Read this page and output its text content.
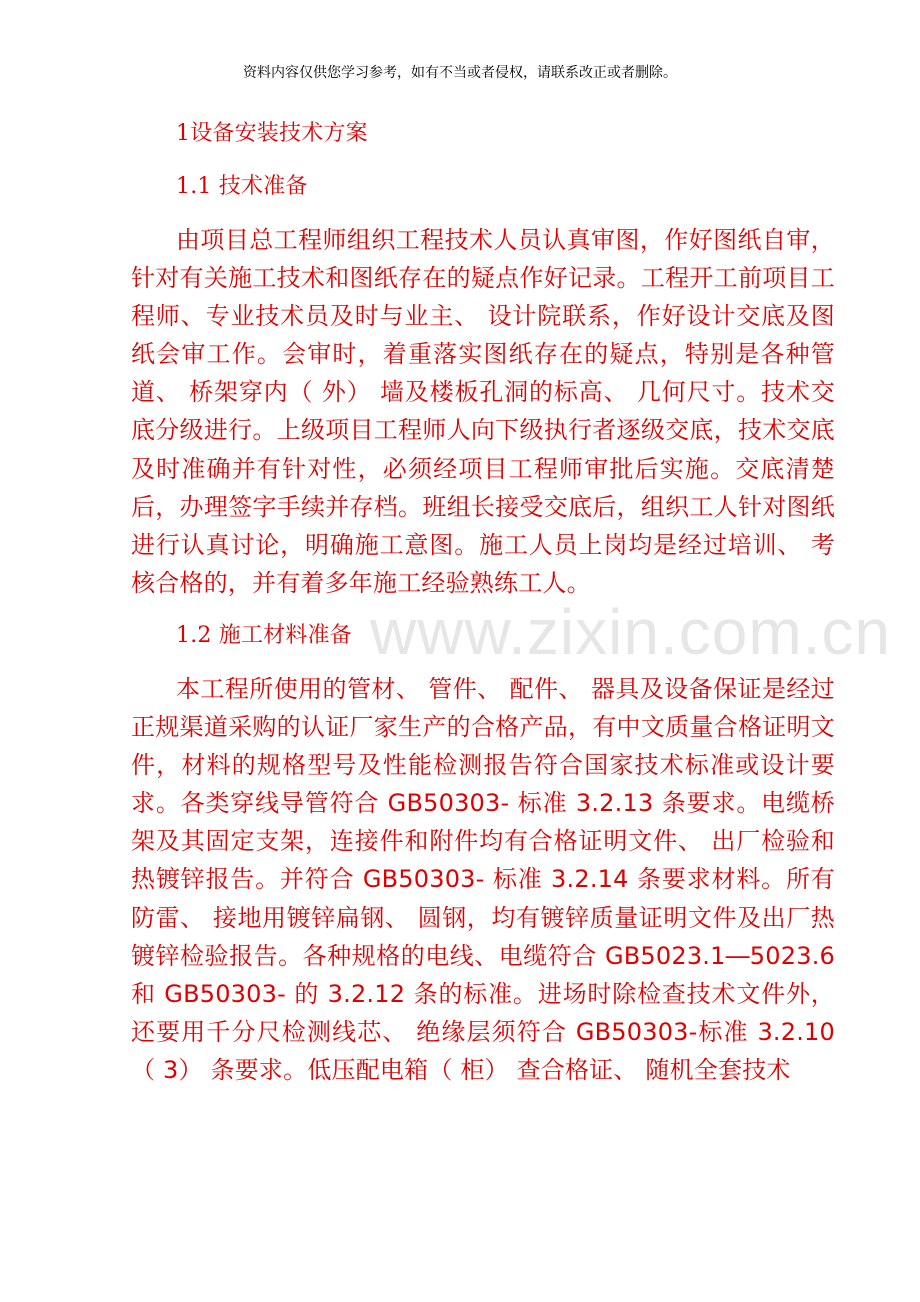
资料内容仅供您学习参考，如有不当或者侵权，请联系改正或者删除。
www.zixin.com.cn
1设备安装技术方案
1.1 技术准备

由项目总工程师组织工程技术人员认真审图，作好图纸自审，针对有关施工技术和图纸存在的疑点作好记录。工程开工前项目工程师、专业技术员及时与业主、 设计院联系，作好设计交底及图纸会审工作。会审时，着重落实图纸存在的疑点，特别是各种管道、 桥架穿内（ 外） 墙及楼板孔洞的标高、 几何尺寸。技术交底分级进行。上级项目工程师人向下级执行者逐级交底，技术交底及时准确并有针对性，必须经项目工程师审批后实施。交底清楚后，办理签字手续并存档。班组长接受交底后，组织工人针对图纸进行认真讨论，明确施工意图。施工人员上岗均是经过培训、 考核合格的，并有着多年施工经验熟练工人。

1.2 施工材料准备

本工程所使用的管材、 管件、 配件、 器具及设备保证是经过正规渠道采购的认证厂家生产的合格产品，有中文质量合格证明文件，材料的规格型号及性能检测报告符合国家技术标准或设计要求。各类穿线导管符合 GB50303- 标准 3.2.13 条要求。电缆桥架及其固定支架，连接件和附件均有合格证明文件、 出厂检验和热镀锌报告。并符合 GB50303- 标准 3.2.14 条要求材料。所有防雷、 接地用镀锌扁钢、 圆钢，均有镀锌质量证明文件及出厂热镀锌检验报告。各种规格的电线、电缆符合 GB5023.1―5023.6 和 GB50303- 的 3.2.12 条的标准。进场时除检查技术文件外，还要用千分尺检测线芯、 绝缘层须符合 GB50303-标准 3.2.10（ 3） 条要求。低压配电箱（ 柜） 查合格证、 随机全套技术
